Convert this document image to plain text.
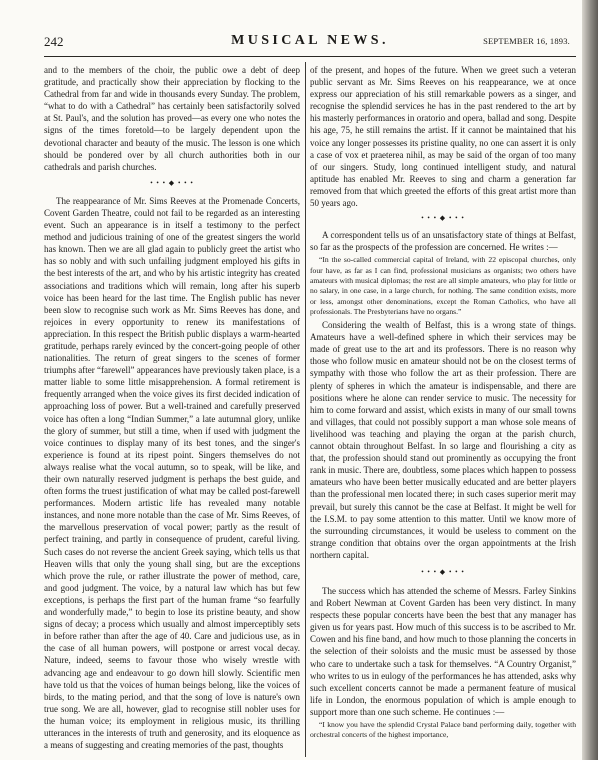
242	MUSICAL NEWS.	SEPTEMBER 16, 1893.

and to the members of the choir, the public owe a debt of deep gratitude, and practically show their appreciation by flocking to the Cathedral from far and wide in thousands every Sunday. The problem, “what to do with a Cathedral” has certainly been satisfactorily solved at St. Paul's, and the solution has proved—as every one who notes the signs of the times foretold—to be largely dependent upon the devotional character and beauty of the music. The lesson is one which should be pondered over by all church authorities both in our cathedrals and parish churches.

• • • ◆ • • •

The reappearance of Mr. Sims Reeves at the Promenade Concerts, Covent Garden Theatre, could not fail to be regarded as an interesting event. Such an appearance is in itself a testimony to the perfect method and judicious training of one of the greatest singers the world has known. Then we are all glad again to publicly greet the artist who has so nobly and with such unfailing judgment employed his gifts in the best interests of the art, and who by his artistic integrity has created associations and traditions which will remain, long after his superb voice has been heard for the last time. The English public has never been slow to recognise such work as Mr. Sims Reeves has done, and rejoices in every opportunity to renew its manifestations of appreciation. In this respect the British public displays a warm-hearted gratitude, perhaps rarely evinced by the concert-going people of other nationalities. The return of great singers to the scenes of former triumphs after “farewell” appearances have previously taken place, is a matter liable to some little misapprehension. A formal retirement is frequently arranged when the voice gives its first decided indication of approaching loss of power. But a well-trained and carefully preserved voice has often a long “Indian Summer,” a late autumnal glory, unlike the glory of summer, but still a time, when if used with judgment the voice continues to display many of its best tones, and the singer's experience is found at its ripest point. Singers themselves do not always realise what the vocal autumn, so to speak, will be like, and their own naturally reserved judgment is perhaps the best guide, and often forms the truest justification of what may be called post-farewell performances. Modern artistic life has revealed many notable instances, and none more notable than the case of Mr. Sims Reeves, of the marvellous preservation of vocal power; partly as the result of perfect training, and partly in consequence of prudent, careful living. Such cases do not reverse the ancient Greek saying, which tells us that Heaven wills that only the young shall sing, but are the exceptions which prove the rule, or rather illustrate the power of method, care, and good judgment. The voice, by a natural law which has but few exceptions, is perhaps the first part of the human frame “so fearfully and wonderfully made,” to begin to lose its pristine beauty, and show signs of decay; a process which usually and almost imperceptibly sets in before rather than after the age of 40. Care and judicious use, as in the case of all human powers, will postpone or arrest vocal decay. Nature, indeed, seems to favour those who wisely wrestle with advancing age and endeavour to go down hill slowly. Scientific men have told us that the voices of human beings belong, like the voices of birds, to the mating period, and that the song of love is nature's own true song. We are all, however, glad to recognise still nobler uses for the human voice; its employment in religious music, its thrilling utterances in the interests of truth and generosity, and its eloquence as a means of suggesting and creating memories of the past, thoughts

of the present, and hopes of the future. When we greet such a veteran public servant as Mr. Sims Reeves on his reappearance, we at once express our appreciation of his still remarkable powers as a singer, and recognise the splendid services he has in the past rendered to the art by his masterly performances in oratorio and opera, ballad and song. Despite his age, 75, he still remains the artist. If it cannot be maintained that his voice any longer possesses its pristine quality, no one can assert it is only a case of vox et praeterea nihil, as may be said of the organ of too many of our singers. Study, long continued intelligent study, and natural aptitude has enabled Mr. Reeves to sing and charm a generation far removed from that which greeted the efforts of this great artist more than 50 years ago.

• • • ◆ • • •

A correspondent tells us of an unsatisfactory state of things at Belfast, so far as the prospects of the profession are concerned. He writes :—

“In the so-called commercial capital of Ireland, with 22 episcopal churches, only four have, as far as I can find, professional musicians as organists; two others have amateurs with musical diplomas; the rest are all simple amateurs, who play for little or no salary, in one case, in a large church, for nothing. The same condition exists, more or less, amongst other denominations, except the Roman Catholics, who have all professionals. The Presbyterians have no organs.”

Considering the wealth of Belfast, this is a wrong state of things. Amateurs have a well-defined sphere in which their services may be made of great use to the art and its professors. There is no reason why those who follow music en amateur should not be on the closest terms of sympathy with those who follow the art as their profession. There are plenty of spheres in which the amateur is indispensable, and there are positions where he alone can render service to music. The necessity for him to come forward and assist, which exists in many of our small towns and villages, that could not possibly support a man whose sole means of livelihood was teaching and playing the organ at the parish church, cannot obtain throughout Belfast. In so large and flourishing a city as that, the profession should stand out prominently as occupying the front rank in music. There are, doubtless, some places which happen to possess amateurs who have been better musically educated and are better players than the professional men located there; in such cases superior merit may prevail, but surely this cannot be the case at Belfast. It might be well for the I.S.M. to pay some attention to this matter. Until we know more of the surrounding circumstances, it would be useless to comment on the strange condition that obtains over the organ appointments at the Irish northern capital.

• • • ◆ • • •

The success which has attended the scheme of Messrs. Farley Sinkins and Robert Newman at Covent Garden has been very distinct. In many respects these popular concerts have been the best that any manager has given us for years past. How much of this success is to be ascribed to Mr. Cowen and his fine band, and how much to those planning the concerts in the selection of their soloists and the music must be assessed by those who care to undertake such a task for themselves. “A Country Organist,” who writes to us in eulogy of the performances he has attended, asks why such excellent concerts cannot be made a permanent feature of musical life in London, the enormous population of which is ample enough to support more than one such scheme. He continues :—

“I know you have the splendid Crystal Palace band performing daily, together with orchestral concerts of the highest importance,
